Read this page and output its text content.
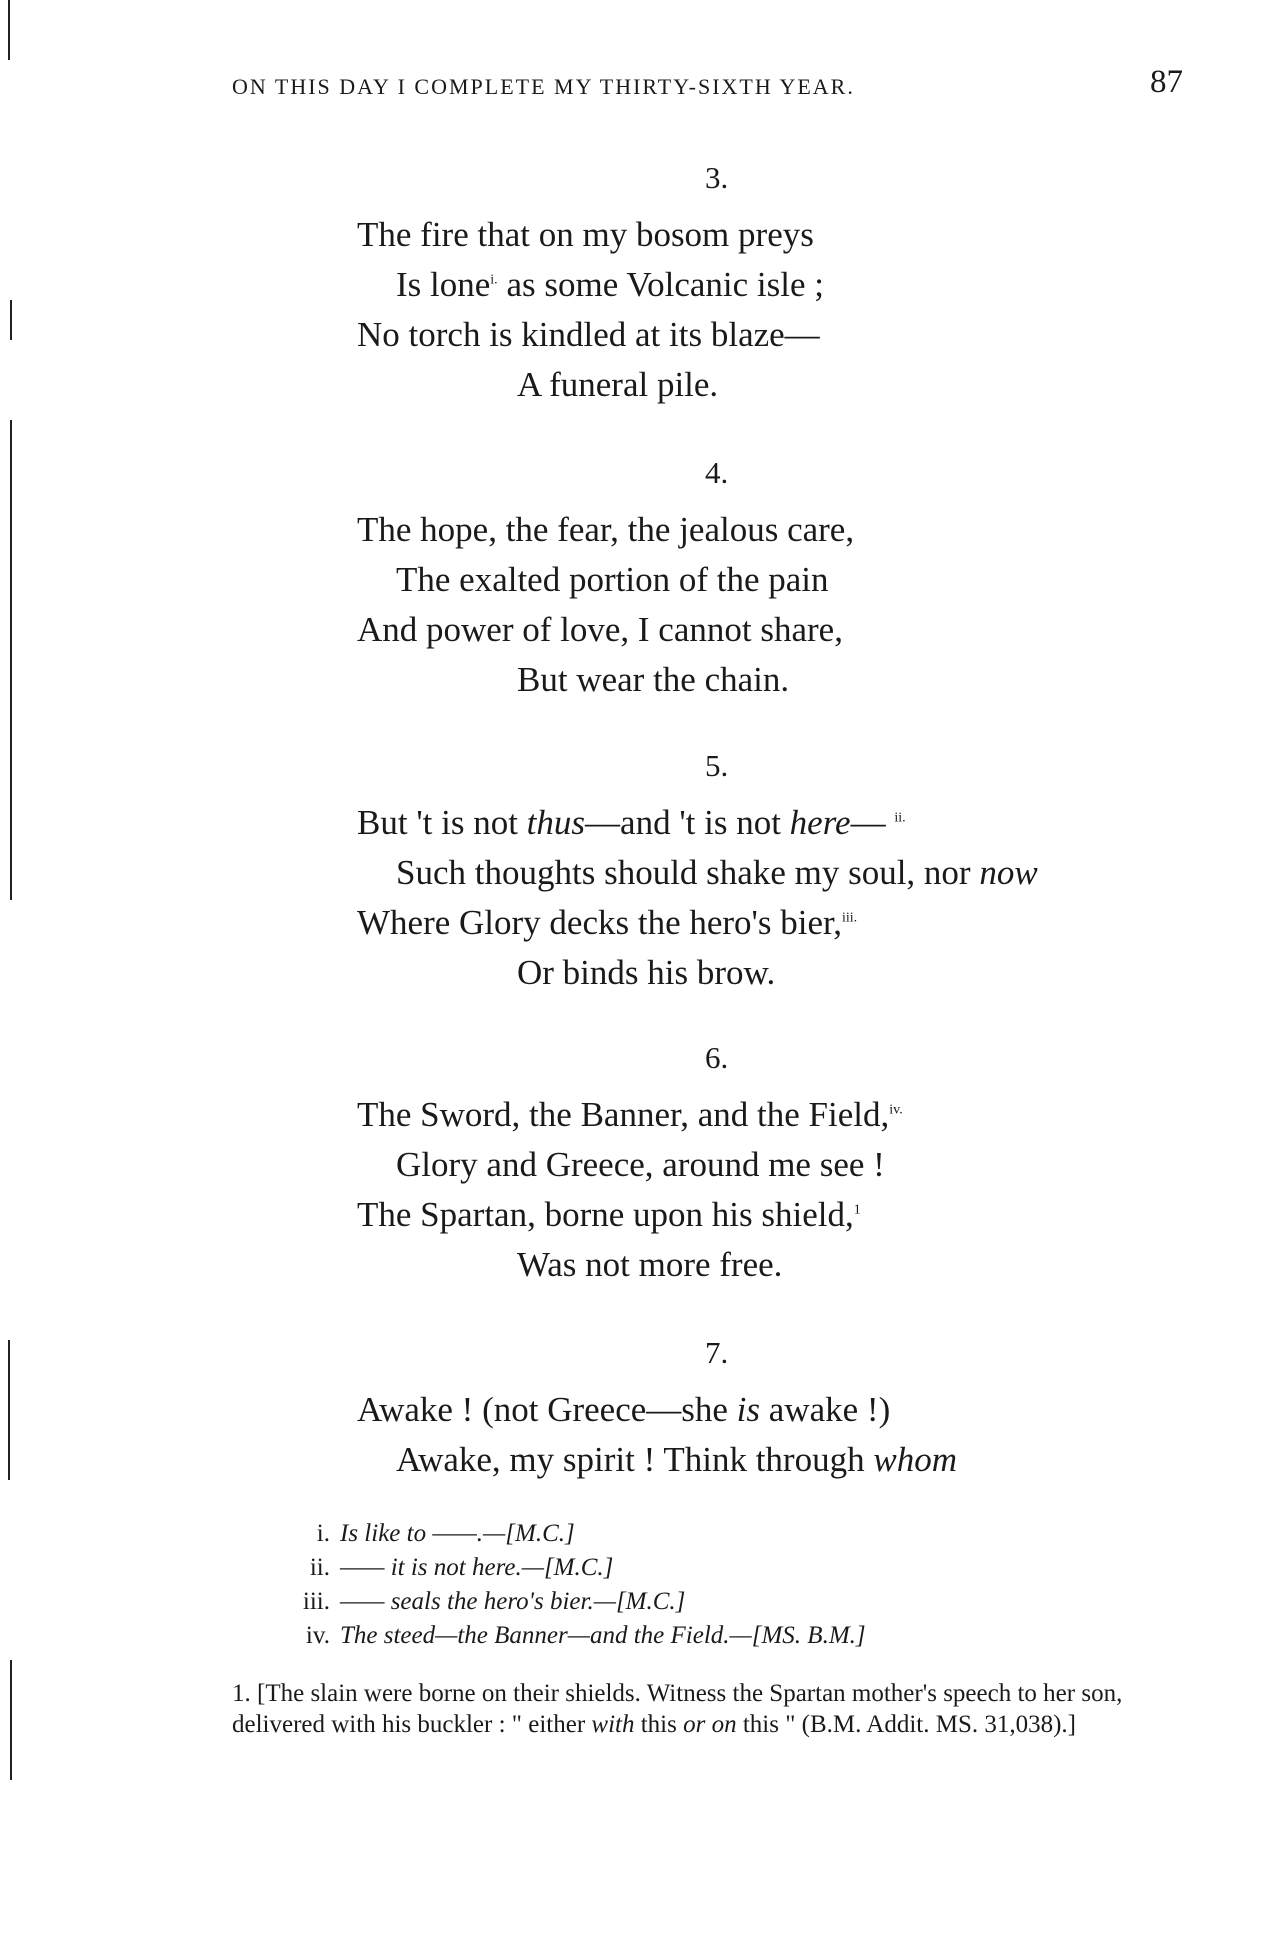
ON THIS DAY I COMPLETE MY THIRTY-SIXTH YEAR.	87
3.
The fire that on my bosom preys
Is lone$^{i.}$ as some Volcanic isle ;
No torch is kindled at its blaze—
A funeral pile.
4.
The hope, the fear, the jealous care,
The exalted portion of the pain
And power of love, I cannot share,
But wear the chain.
5.
But 't is not thus—and 't is not here— $^{ii.}$
Such thoughts should shake my soul, nor now
Where Glory decks the hero's bier,$^{iii.}$
Or binds his brow.
6.
The Sword, the Banner, and the Field,$^{iv.}$
Glory and Greece, around me see !
The Spartan, borne upon his shield,$^1$
Was not more free.
7.
Awake ! (not Greece—she is awake !)
Awake, my spirit ! Think through whom
i. Is like to ——.—[M.C.]
ii. —— it is not here.—[M.C.]
iii. —— seals the hero's bier.—[M.C.]
iv. The steed—the Banner—and the Field.—[MS. B.M.]
1. [The slain were borne on their shields. Witness the Spartan mother's speech to her son, delivered with his buckler : " either with this or on this " (B.M. Addit. MS. 31,038).]
